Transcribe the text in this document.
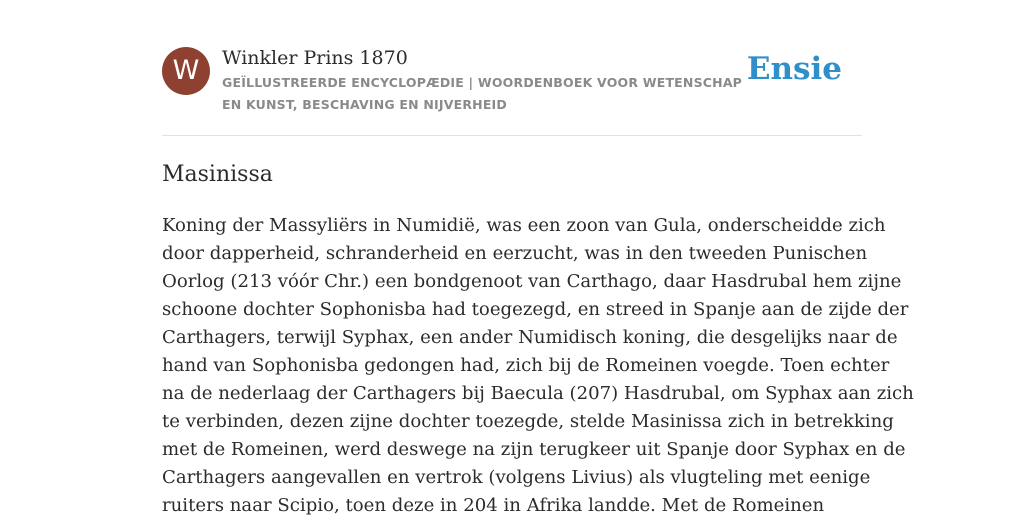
W	Winkler Prins 1870
GEÏLLUSTREERDE ENCYCLOPÆDIE | WOORDENBOEK VOOR WETENSCHAP EN KUNST, BESCHAVING EN NIJVERHEID
Ensie
Masinissa
Koning der Massyliërs in Numidië, was een zoon van Gula, onderscheidde zich
door dapperheid, schranderheid en eerzucht, was in den tweeden Punischen
Oorlog (213 vóór Chr.) een bondgenoot van Carthago, daar Hasdrubal hem zijne
schoone dochter Sophonisba had toegezegd, en streed in Spanje aan de zijde der
Carthagers, terwijl Syphax, een ander Numidisch koning, die desgelijks naar de
hand van Sophonisba gedongen had, zich bij de Romeinen voegde. Toen echter
na de nederlaag der Carthagers bij Baecula (207) Hasdrubal, om Syphax aan zich
te verbinden, dezen zijne dochter toezegde, stelde Masinissa zich in betrekking
met de Romeinen, werd deswege na zijn terugkeer uit Spanje door Syphax en de
Carthagers aangevallen en vertrok (volgens Livius) als vlugteling met eenige
ruiters naar Scipio, toen deze in 204 in Afrika landde. Met de Romeinen
